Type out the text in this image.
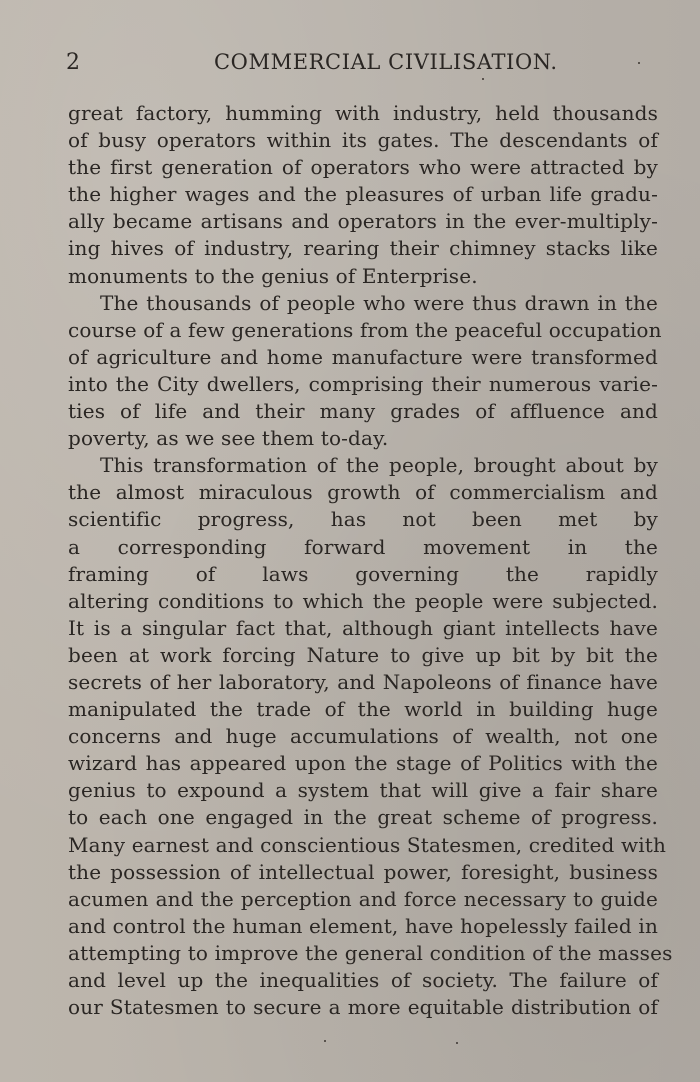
2	COMMERCIAL CIVILISATION.
great factory, humming with industry, held thousands
of busy operators within its gates. The descendants of
the first generation of operators who were attracted by
the higher wages and the pleasures of urban life gradu-
ally became artisans and operators in the ever-multiply-
ing hives of industry, rearing their chimney stacks like
monuments to the genius of Enterprise.
The thousands of people who were thus drawn in the
course of a few generations from the peaceful occupation
of agriculture and home manufacture were transformed
into the City dwellers, comprising their numerous varie-
ties of life and their many grades of affluence and
poverty, as we see them to-day.
This transformation of the people, brought about by
the almost miraculous growth of commercialism and
scientific progress, has not been met by
a corresponding forward movement in the
framing of laws governing the rapidly
altering conditions to which the people were subjected.
It is a singular fact that, although giant intellects have
been at work forcing Nature to give up bit by bit the
secrets of her laboratory, and Napoleons of finance have
manipulated the trade of the world in building huge
concerns and huge accumulations of wealth, not one
wizard has appeared upon the stage of Politics with the
genius to expound a system that will give a fair share
to each one engaged in the great scheme of progress.
Many earnest and conscientious Statesmen, credited with
the possession of intellectual power, foresight, business
acumen and the perception and force necessary to guide
and control the human element, have hopelessly failed in
attempting to improve the general condition of the masses
and level up the inequalities of society. The failure of
our Statesmen to secure a more equitable distribution of
